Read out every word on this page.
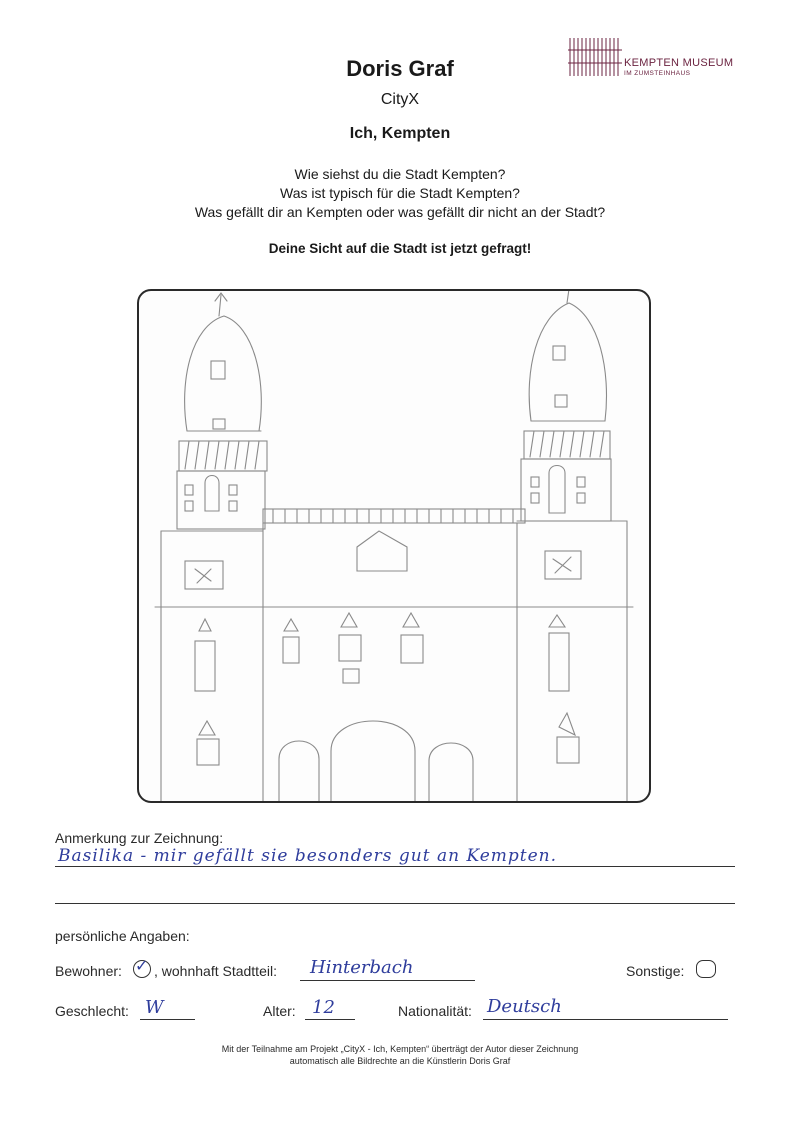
Doris Graf
CityX
Ich, Kempten
KEMPTEN MUSEUM
IM ZUMSTEINHAUS
Wie siehst du die Stadt Kempten?
Was ist typisch für die Stadt Kempten?
Was gefällt dir an Kempten oder was gefällt dir nicht an der Stadt?
Deine Sicht auf die Stadt ist jetzt gefragt!
Anmerkung zur Zeichnung:
Basilika - mir gefällt sie besonders gut an Kempten.
persönliche Angaben:
Bewohner: ✓ , wohnhaft Stadtteil: Hinterbach	Sonstige:
Geschlecht: W	Alter: 12	Nationalität: Deutsch
Mit der Teilnahme am Projekt „CityX - Ich, Kempten“ überträgt der Autor dieser Zeichnung
automatisch alle Bildrechte an die Künstlerin Doris Graf
